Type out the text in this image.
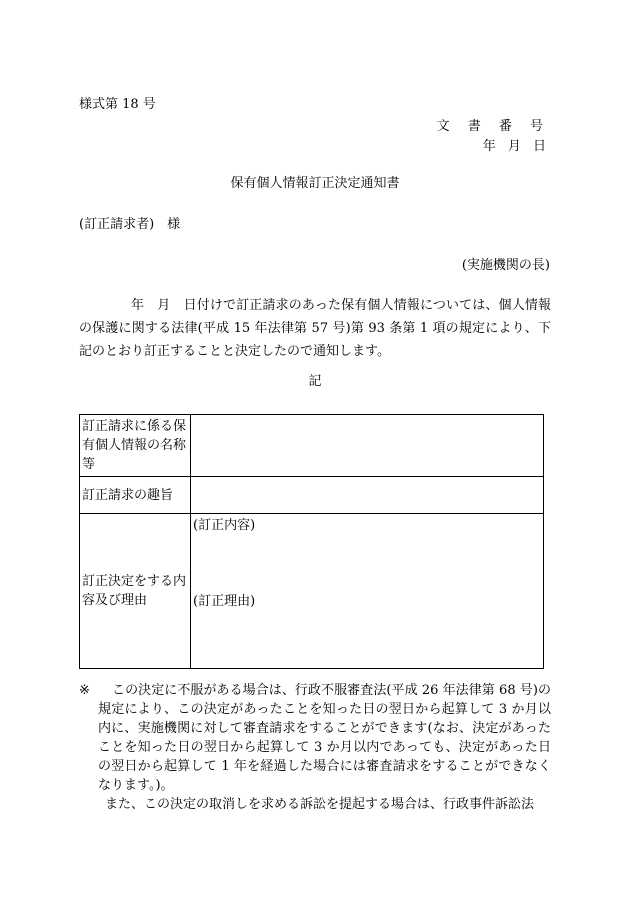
様式第 18 号
文 書 番 号
年 月 日
保有個人情報訂正決定通知書
(訂正請求者)　様
(実施機関の長)
年　月　日付けで訂正請求のあった保有個人情報については、個人情報の保護に関する法律(平成 15 年法律第 57 号)第 93 条第 1 項の規定により、下記のとおり訂正することと決定したので通知します。
記
訂正請求に係る保有個人情報の名称等	
訂正請求の趣旨	
訂正決定をする内容及び理由	(訂正内容)
(訂正理由)
※	この決定に不服がある場合は、行政不服審査法(平成 26 年法律第 68 号)の規定により、この決定があったことを知った日の翌日から起算して 3 か月以内に、実施機関に対して審査請求をすることができます(なお、決定があったことを知った日の翌日から起算して 3 か月以内であっても、決定があった日の翌日から起算して 1 年を経過した場合には審査請求をすることができなくなります。)。

また、この決定の取消しを求める訴訟を提起する場合は、行政事件訴訟法
